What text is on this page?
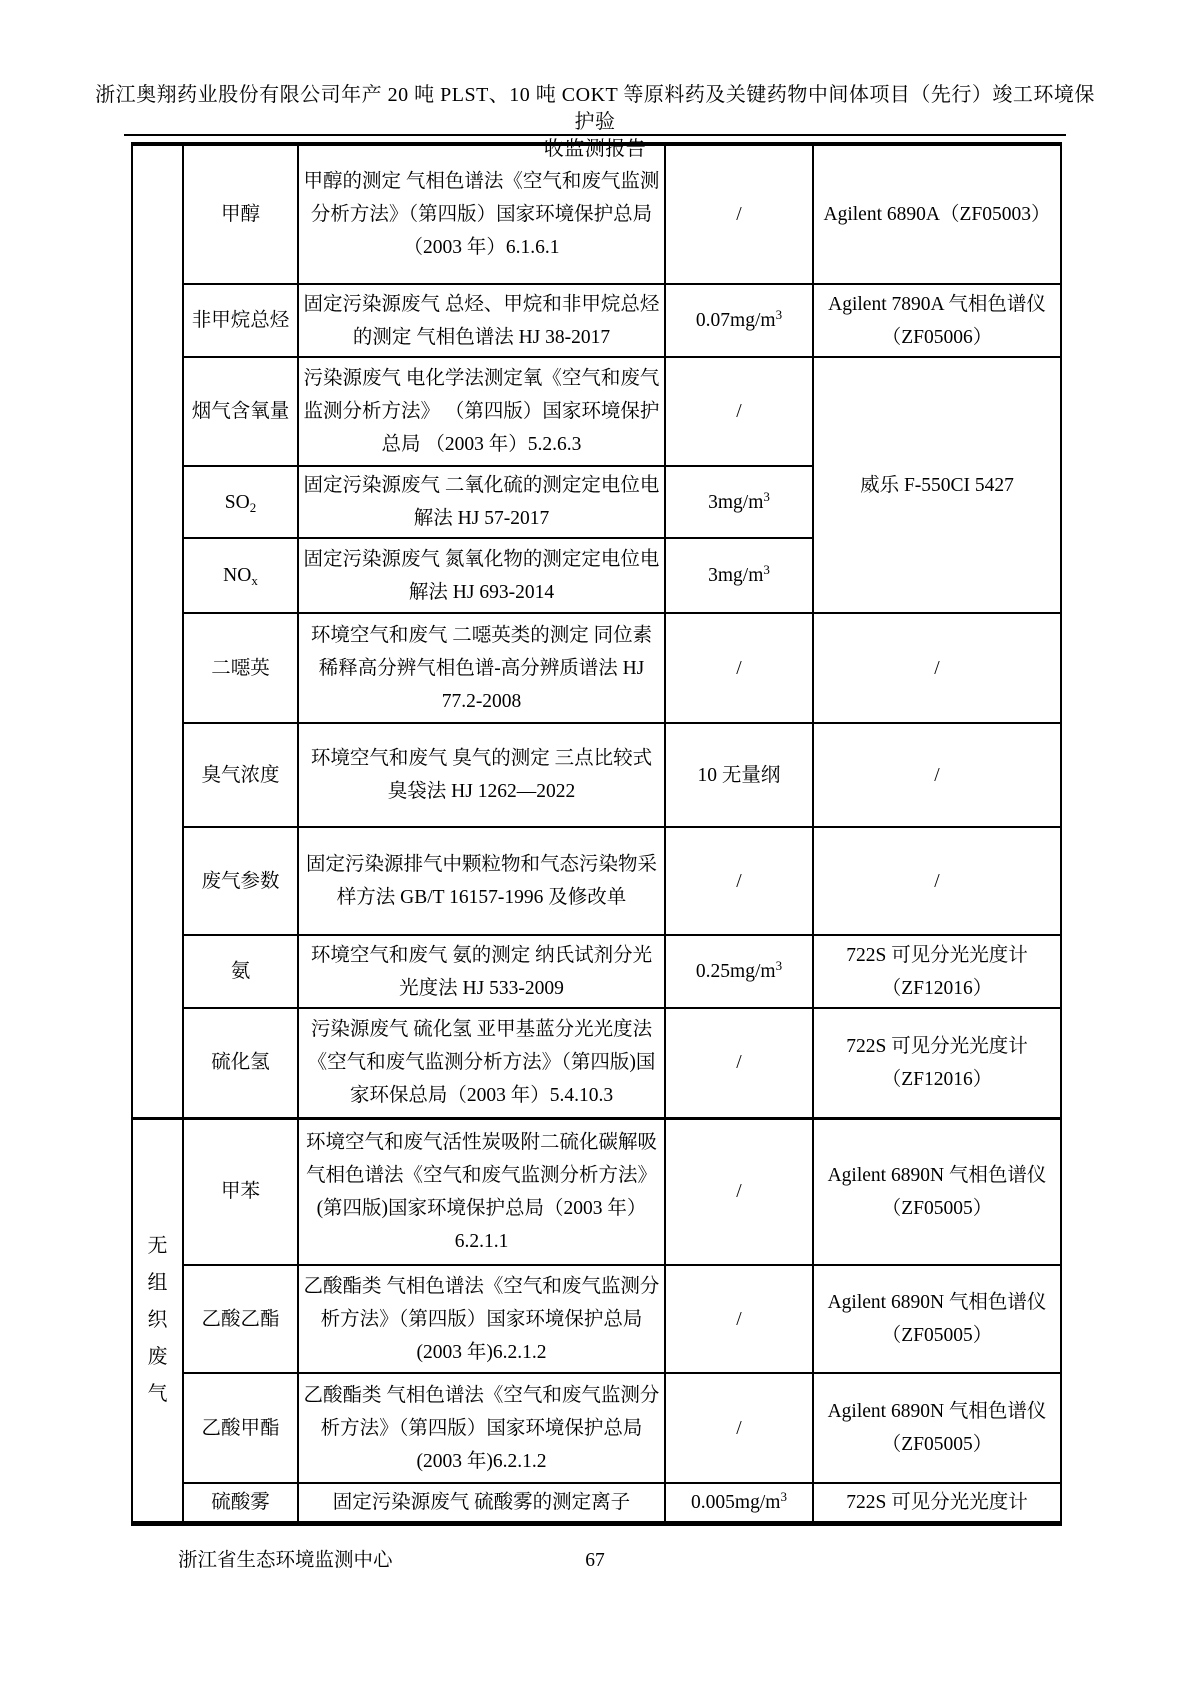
浙江奥翔药业股份有限公司年产 20 吨 PLST、10 吨 COKT 等原料药及关键药物中间体项目（先行）竣工环境保护验
收监测报告
	甲醇	甲醇的测定 气相色谱法《空气和废气监测分析方法》（第四版）国家环境保护总局（2003 年）6.1.6.1	/	Agilent 6890A（ZF05003）
	非甲烷总烃	固定污染源废气 总烃、甲烷和非甲烷总烃的测定 气相色谱法 HJ 38-2017	$0.07mg/m^3$	Agilent 7890A 气相色谱仪（ZF05006）
	烟气含氧量	污染源废气 电化学法测定氧《空气和废气监测分析方法》 （第四版）国家环境保护总局 （2003 年）5.2.6.3	/	威乐 F-550CI 5427
	$SO_2$	固定污染源废气 二氧化硫的测定定电位电解法 HJ 57-2017	$3mg/m^3$
	$NO_x$	固定污染源废气 氮氧化物的测定定电位电解法 HJ 693-2014	$3mg/m^3$
	二噁英	环境空气和废气 二噁英类的测定 同位素稀释高分辨气相色谱-高分辨质谱法 HJ 77.2-2008	/	/
	臭气浓度	环境空气和废气 臭气的测定 三点比较式臭袋法 HJ 1262—2022	10 无量纲	/
	废气参数	固定污染源排气中颗粒物和气态污染物采样方法 GB/T 16157-1996 及修改单	/	/
	氨	环境空气和废气 氨的测定 纳氏试剂分光光度法 HJ 533-2009	$0.25mg/m^3$	722S 可见分光光度计（ZF12016）
	硫化氢	污染源废气 硫化氢 亚甲基蓝分光光度法《空气和废气监测分析方法》（第四版)国家环保总局（2003 年）5.4.10.3	/	722S 可见分光光度计（ZF12016）
无组织废气	甲苯	环境空气和废气活性炭吸附二硫化碳解吸气相色谱法《空气和废气监测分析方法》 (第四版)国家环境保护总局（2003 年）6.2.1.1	/	Agilent 6890N 气相色谱仪（ZF05005）
	乙酸乙酯	乙酸酯类 气相色谱法《空气和废气监测分析方法》（第四版）国家环境保护总局(2003 年)6.2.1.2	/	Agilent 6890N 气相色谱仪（ZF05005）
	乙酸甲酯	乙酸酯类 气相色谱法《空气和废气监测分析方法》（第四版）国家环境保护总局 (2003 年)6.2.1.2	/	Agilent 6890N 气相色谱仪（ZF05005）
	硫酸雾	固定污染源废气 硫酸雾的测定离子	$0.005mg/m^3$	722S 可见分光光度计
浙江省生态环境监测中心	67
